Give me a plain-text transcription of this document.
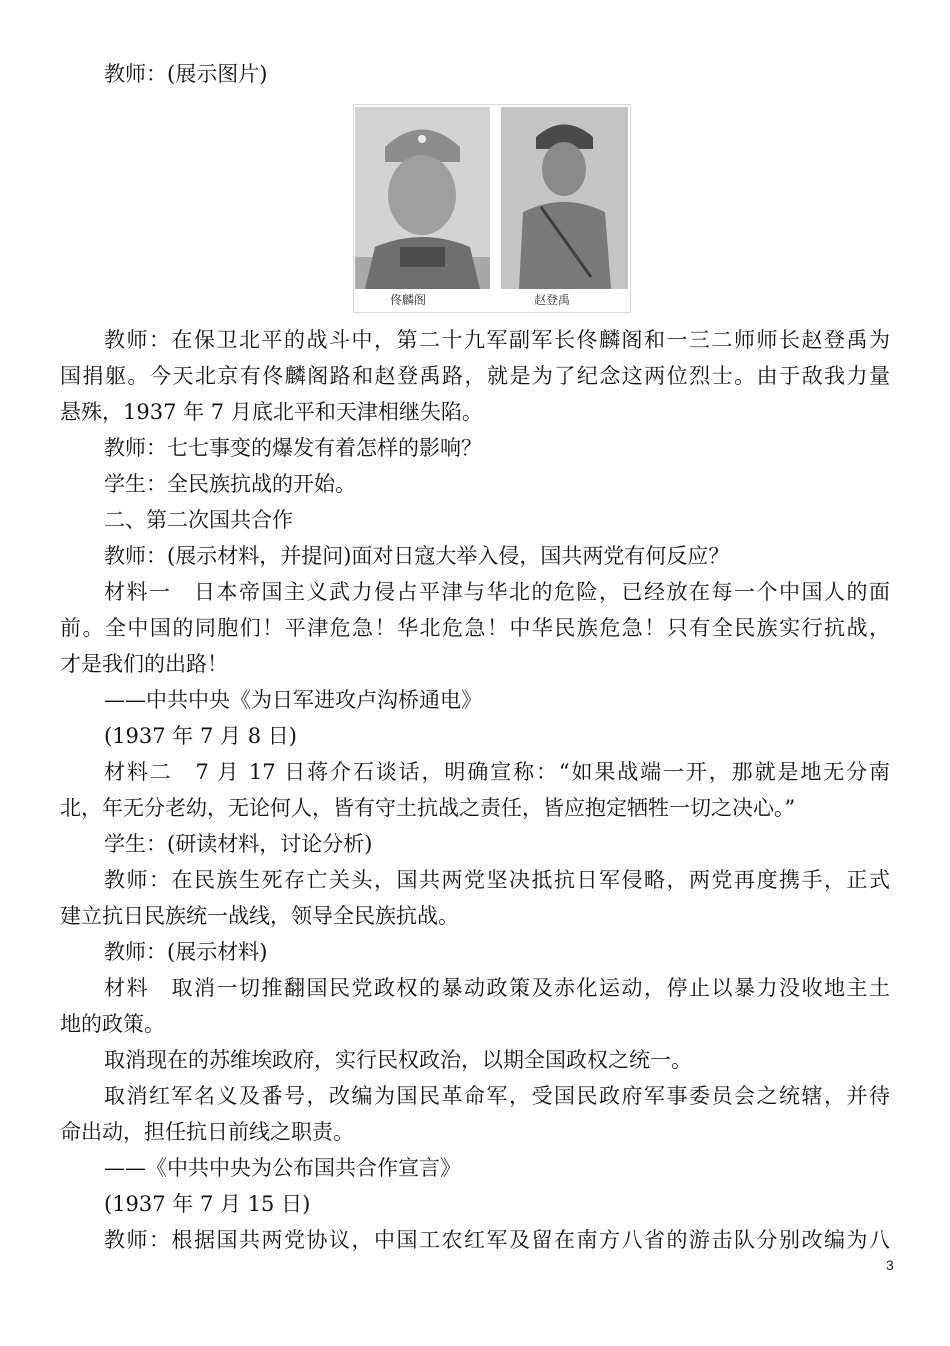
教师：(展示图片)
佟麟阁	赵登禹
教师：在保卫北平的战斗中，第二十九军副军长佟麟阁和一三二师师长赵登禹为
国捐躯。今天北京有佟麟阁路和赵登禹路，就是为了纪念这两位烈士。由于敌我力量
悬殊，1937 年 7 月底北平和天津相继失陷。
教师：七七事变的爆发有着怎样的影响？
学生：全民族抗战的开始。
二、第二次国共合作
教师：(展示材料，并提问)面对日寇大举入侵，国共两党有何反应？
材料一　日本帝国主义武力侵占平津与华北的危险，已经放在每一个中国人的面
前。全中国的同胞们！平津危急！华北危急！中华民族危急！只有全民族实行抗战，
才是我们的出路！
——中共中央《为日军进攻卢沟桥通电》
(1937 年 7 月 8 日)
材料二　7 月 17 日蒋介石谈话，明确宣称：“如果战端一开，那就是地无分南
北，年无分老幼，无论何人，皆有守土抗战之责任，皆应抱定牺牲一切之决心。”
学生：(研读材料，讨论分析)
教师：在民族生死存亡关头，国共两党坚决抵抗日军侵略，两党再度携手，正式
建立抗日民族统一战线，领导全民族抗战。
教师：(展示材料)
材料　取消一切推翻国民党政权的暴动政策及赤化运动，停止以暴力没收地主土
地的政策。
取消现在的苏维埃政府，实行民权政治，以期全国政权之统一。
取消红军名义及番号，改编为国民革命军，受国民政府军事委员会之统辖，并待
命出动，担任抗日前线之职责。
——《中共中央为公布国共合作宣言》
(1937 年 7 月 15 日)
教师：根据国共两党协议，中国工农红军及留在南方八省的游击队分别改编为八
3
